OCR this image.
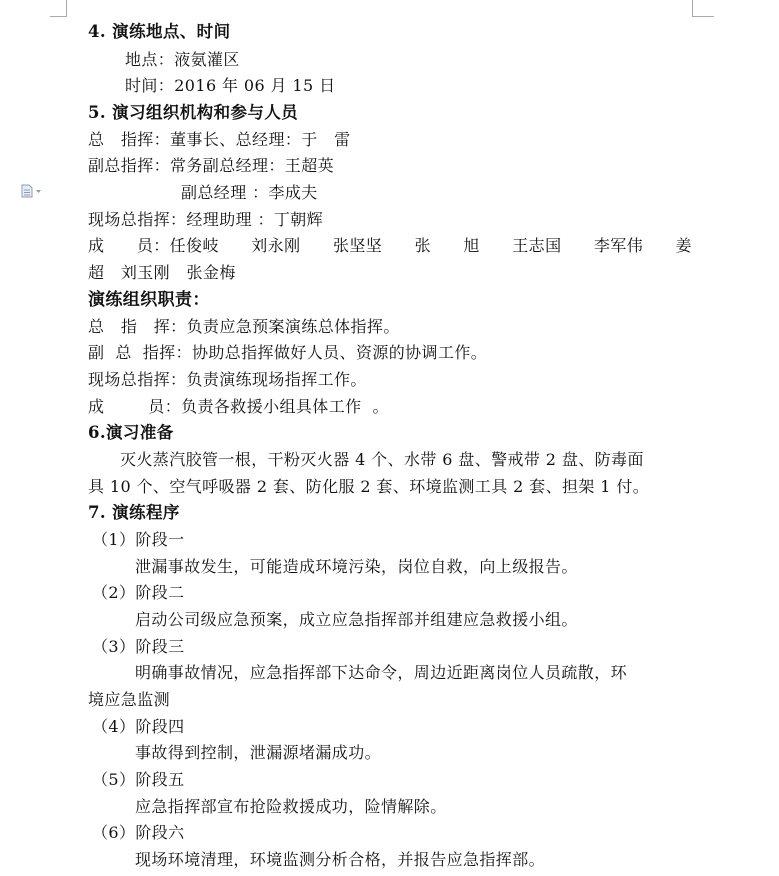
4. 演练地点、时间
地点：液氨灌区
时间：2016 年 06 月 15 日
5. 演习组织机构和参与人员
总   指挥：董事长、总经理：于   雷
副总指挥：常务副总经理：王超英
副总经理 ：李成夫
现场总指挥：经理助理 ：丁朝辉
成 员：任俊岐 刘永刚 张坚坚 张 旭 王志国 李军伟 姜
超   刘玉刚   张金梅
演练组织职责：
总   指   挥：负责应急预案演练总体指挥。
副  总  指挥：协助总指挥做好人员、资源的协调工作。
现场总指挥：负责演练现场指挥工作。
成        员：负责各救援小组具体工作  。
6.演习准备
灭火蒸汽胶管一根，干粉灭火器 4 个、水带 6 盘、警戒带 2 盘、防毒面
具 10 个、空气呼吸器 2 套、防化服 2 套、环境监测工具 2 套、担架 1 付。
7. 演练程序
（1）阶段一
泄漏事故发生，可能造成环境污染，岗位自救，向上级报告。
（2）阶段二
启动公司级应急预案，成立应急指挥部并组建应急救援小组。
（3）阶段三
明确事故情况，应急指挥部下达命令，周边近距离岗位人员疏散，环
境应急监测
（4）阶段四
事故得到控制，泄漏源堵漏成功。
（5）阶段五
应急指挥部宣布抢险救援成功，险情解除。
（6）阶段六
现场环境清理，环境监测分析合格，并报告应急指挥部。
